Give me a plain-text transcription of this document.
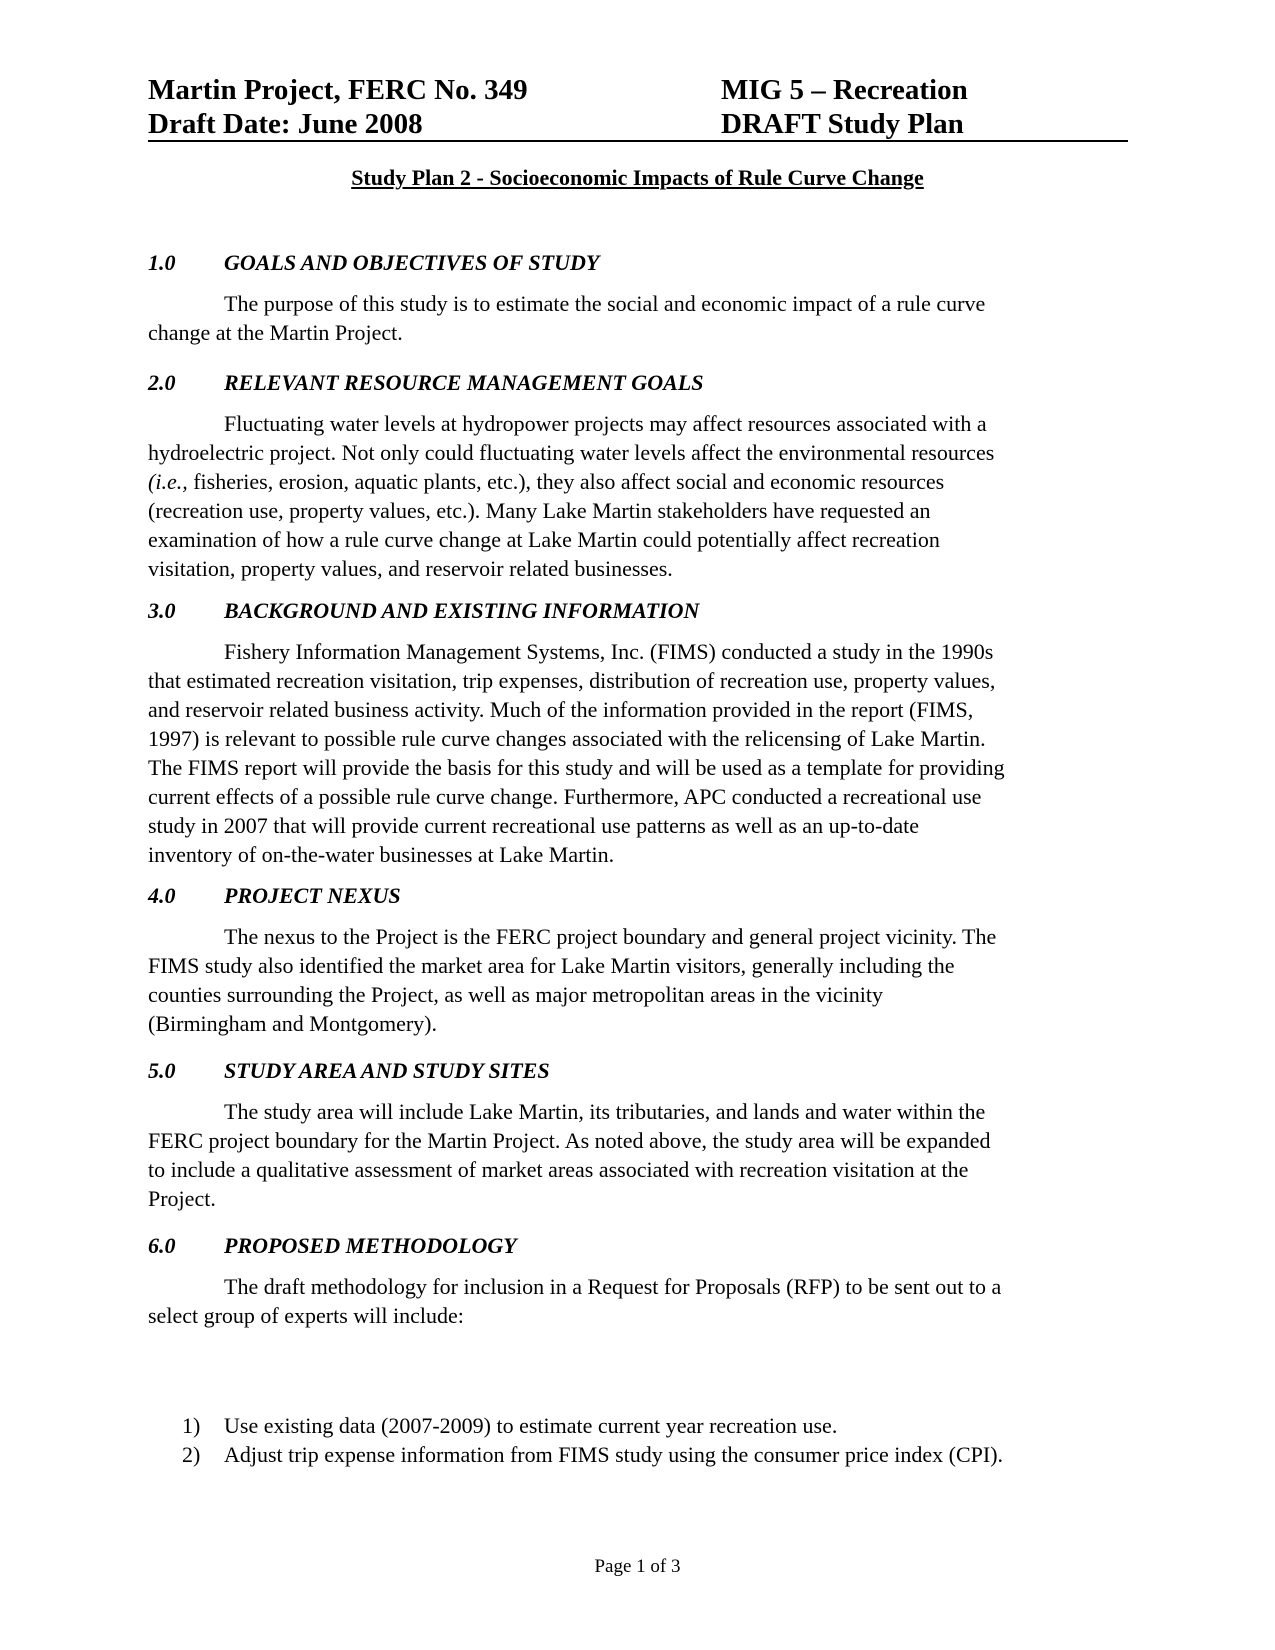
Martin Project, FERC No. 349
Draft Date: June 2008
MIG 5 – Recreation
DRAFT Study Plan
Study Plan 2 - Socioeconomic Impacts of Rule Curve Change
1.0 GOALS AND OBJECTIVES OF STUDY
The purpose of this study is to estimate the social and economic impact of a rule curve
change at the Martin Project.
2.0 RELEVANT RESOURCE MANAGEMENT GOALS
Fluctuating water levels at hydropower projects may affect resources associated with a
hydroelectric project. Not only could fluctuating water levels affect the environmental resources
(i.e., fisheries, erosion, aquatic plants, etc.), they also affect social and economic resources
(recreation use, property values, etc.). Many Lake Martin stakeholders have requested an
examination of how a rule curve change at Lake Martin could potentially affect recreation
visitation, property values, and reservoir related businesses.
3.0 BACKGROUND AND EXISTING INFORMATION
Fishery Information Management Systems, Inc. (FIMS) conducted a study in the 1990s
that estimated recreation visitation, trip expenses, distribution of recreation use, property values,
and reservoir related business activity. Much of the information provided in the report (FIMS,
1997) is relevant to possible rule curve changes associated with the relicensing of Lake Martin.
The FIMS report will provide the basis for this study and will be used as a template for providing
current effects of a possible rule curve change. Furthermore, APC conducted a recreational use
study in 2007 that will provide current recreational use patterns as well as an up-to-date
inventory of on-the-water businesses at Lake Martin.
4.0 PROJECT NEXUS
The nexus to the Project is the FERC project boundary and general project vicinity. The
FIMS study also identified the market area for Lake Martin visitors, generally including the
counties surrounding the Project, as well as major metropolitan areas in the vicinity
(Birmingham and Montgomery).
5.0 STUDY AREA AND STUDY SITES
The study area will include Lake Martin, its tributaries, and lands and water within the
FERC project boundary for the Martin Project. As noted above, the study area will be expanded
to include a qualitative assessment of market areas associated with recreation visitation at the
Project.
6.0 PROPOSED METHODOLOGY
The draft methodology for inclusion in a Request for Proposals (RFP) to be sent out to a
select group of experts will include:
1) Use existing data (2007-2009) to estimate current year recreation use.
2) Adjust trip expense information from FIMS study using the consumer price index (CPI).
Page 1 of 3
